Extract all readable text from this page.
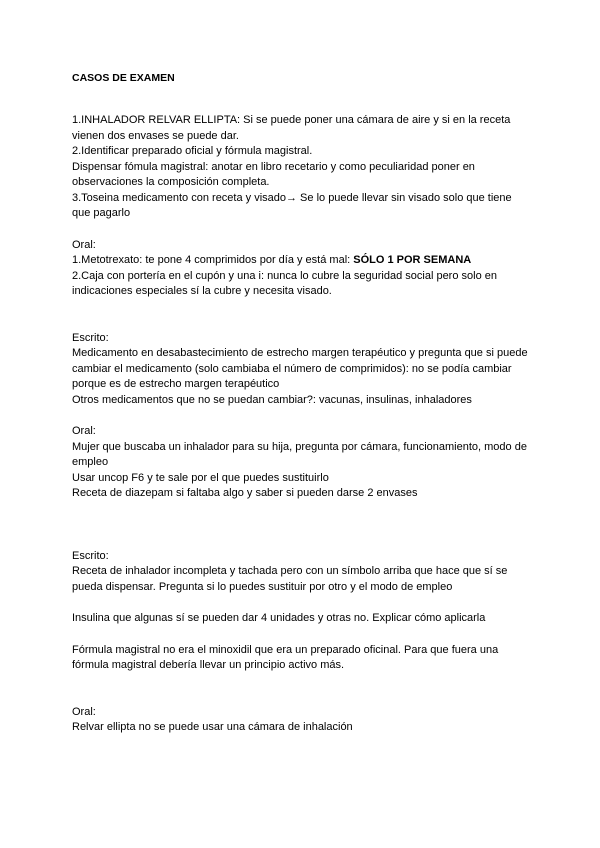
CASOS DE EXAMEN

1.INHALADOR RELVAR ELLIPTA: Si se puede poner una cámara de aire y si en la receta vienen dos envases se puede dar.

2.Identificar preparado oficial y fórmula magistral.

Dispensar fómula magistral: anotar en libro recetario y como peculiaridad poner en observaciones la composición completa.

3.Toseina medicamento con receta y visado→ Se lo puede llevar sin visado solo que tiene que pagarlo

Oral:

1.Metotrexato: te pone 4 comprimidos por día y está mal: SÓLO 1 POR SEMANA

2.Caja con portería en el cupón y una i: nunca lo cubre la seguridad social pero solo en indicaciones especiales sí la cubre y necesita visado.

Escrito:

Medicamento en desabastecimiento de estrecho margen terapéutico y pregunta que si puede cambiar el medicamento (solo cambiaba el número de comprimidos): no se podía cambiar porque es de estrecho margen terapéutico

Otros medicamentos que no se puedan cambiar?: vacunas, insulinas, inhaladores

Oral:

Mujer que buscaba un inhalador para su hija, pregunta por cámara, funcionamiento, modo de empleo

Usar uncop F6 y te sale por el que puedes sustituirlo

Receta de diazepam si faltaba algo y saber si pueden darse 2 envases

Escrito:

Receta de inhalador incompleta y tachada pero con un símbolo arriba que hace que sí se pueda dispensar. Pregunta si lo puedes sustituir por otro y el modo de empleo

Insulina que algunas sí se pueden dar 4 unidades y otras no. Explicar cómo aplicarla

Fórmula magistral no era el minoxidil que era un preparado oficinal. Para que fuera una fórmula magistral debería llevar un principio activo más.

Oral:

Relvar ellipta no se puede usar una cámara de inhalación
